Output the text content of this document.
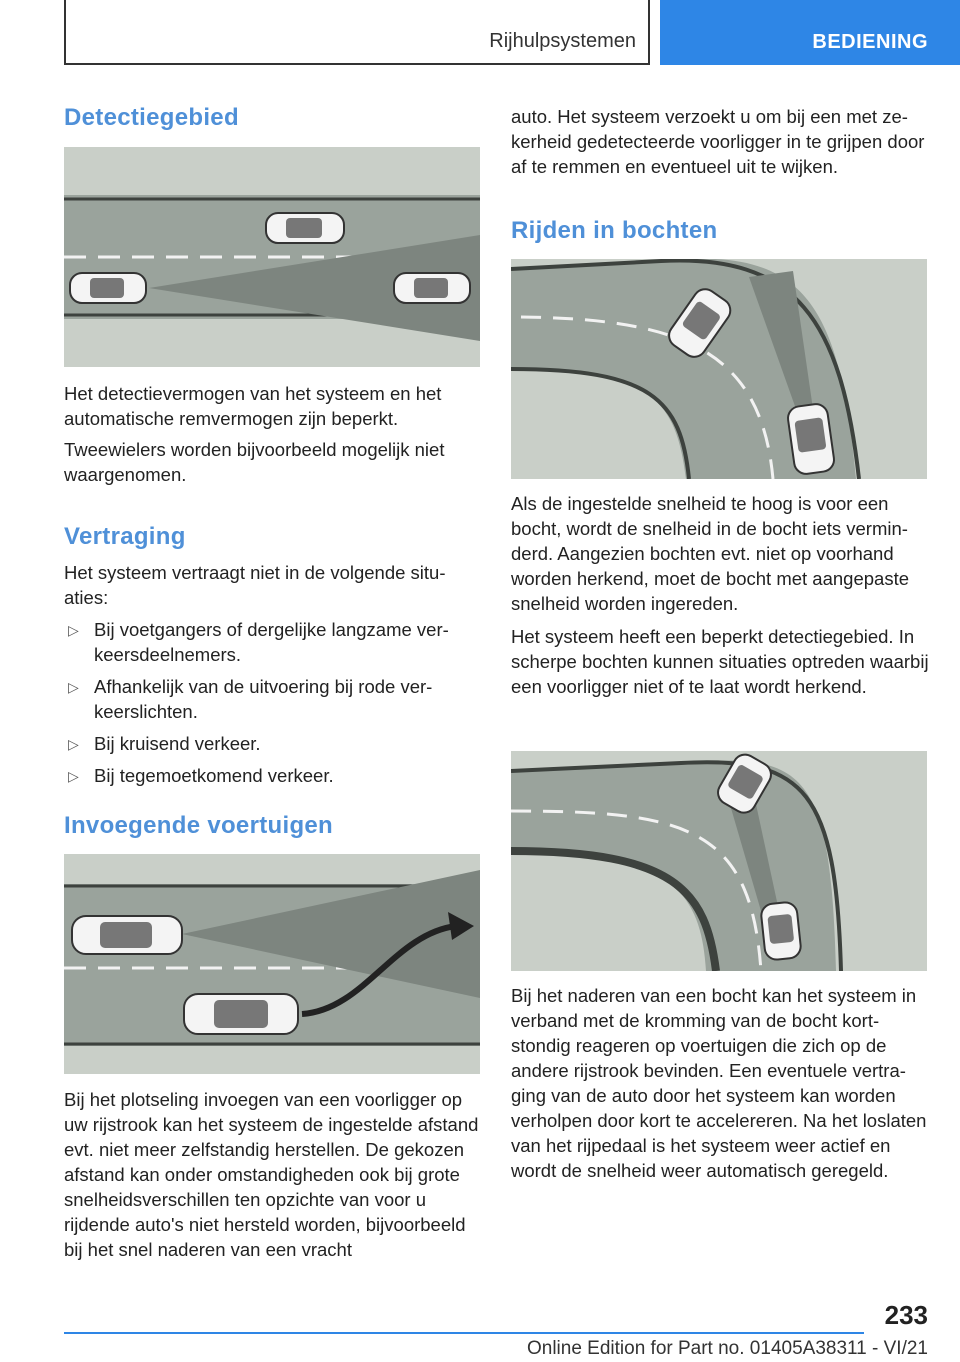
Rijhulpsystemen	BEDIENING
Detectiegebied

Het detectievermogen van het systeem en het automatische remvermogen zijn beperkt.

Tweewielers worden bijvoorbeeld mogelijk niet waargenomen.

Vertraging

Het systeem vertraagt niet in de volgende situaties:

▷ Bij voetgangers of dergelijke langzame verkeersdeelnemers.
▷ Afhankelijk van de uitvoering bij rode verkeerslichten.
▷ Bij kruisend verkeer.
▷ Bij tegemoetkomend verkeer.
Invoegende voertuigen

Bij het plotseling invoegen van een voorligger op uw rijstrook kan het systeem de ingestelde afstand evt. niet meer zelfstandig herstellen. De gekozen afstand kan onder omstandigheden ook bij grote snelheidsverschillen ten opzichte van voor u rijdende auto's niet hersteld worden, bijvoorbeeld bij het snel naderen van een vracht

auto. Het systeem verzoekt u om bij een met zekerheid gedetecteerde voorligger in te grijpen door af te remmen en eventueel uit te wijken.

Rijden in bochten

Als de ingestelde snelheid te hoog is voor een bocht, wordt de snelheid in de bocht iets verminderd. Aangezien bochten evt. niet op voorhand worden herkend, moet de bocht met aangepaste snelheid worden ingereden.

Het systeem heeft een beperkt detectiegebied. In scherpe bochten kunnen situaties optreden waarbij een voorligger niet of te laat wordt herkend.

Bij het naderen van een bocht kan het systeem in verband met de kromming van de bocht kortstondig reageren op voertuigen die zich op de andere rijstrook bevinden. Een eventuele vertraging van de auto door het systeem kan worden verholpen door kort te accelereren. Na het loslaten van het rijpedaal is het systeem weer actief en wordt de snelheid weer automatisch geregeld.

233
Online Edition for Part no. 01405A38311 - VI/21
